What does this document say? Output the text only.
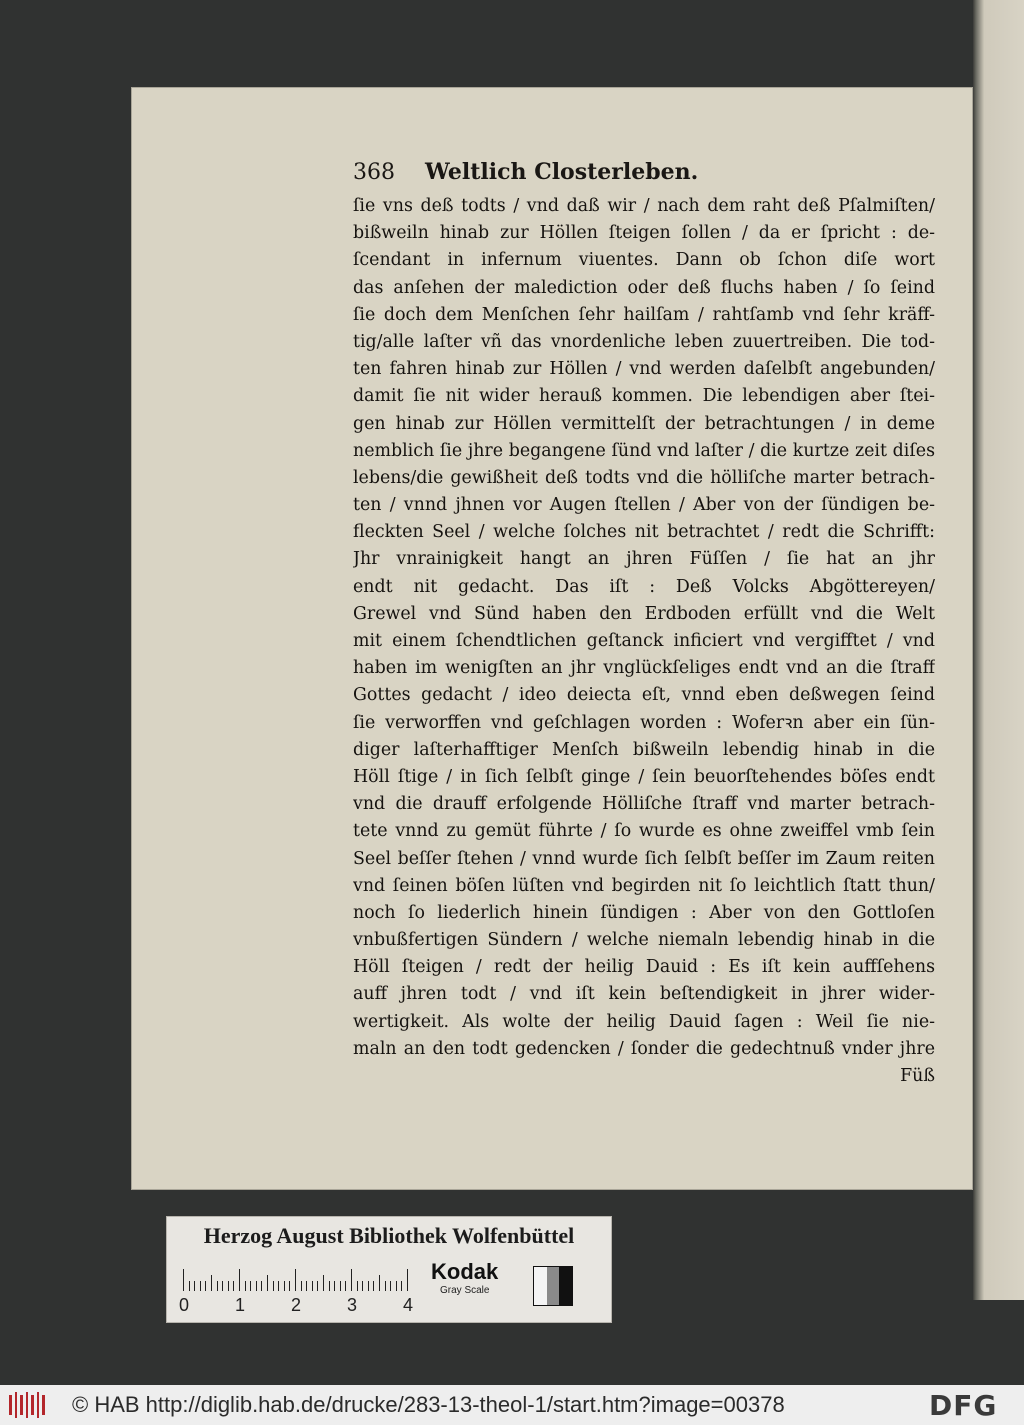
368 Weltlich Closterleben.
ſie vns deß todts / vnd daß wir / nach dem raht deß Pſalmiſten/
bißweiln hinab zur Höllen ſteigen ſollen / da er ſpricht : de-
ſcendant in infernum viuentes. Dann ob ſchon diſe wort
das anſehen der malediction oder deß fluchs haben / ſo ſeind
ſie doch dem Menſchen ſehr hailſam / rahtſamb vnd ſehr kräff-
tig/alle laſter vñ das vnordenliche leben zuuertreiben. Die tod-
ten fahren hinab zur Höllen / vnd werden daſelbſt angebunden/
damit ſie nit wider herauß kommen. Die lebendigen aber ſtei-
gen hinab zur Höllen vermittelſt der betrachtungen / in deme
nemblich ſie jhre begangene ſünd vnd laſter / die kurtze zeit diſes
lebens/die gewißheit deß todts vnd die hölliſche marter betrach-
ten / vnnd jhnen vor Augen ſtellen / Aber von der ſündigen be-
fleckten Seel / welche ſolches nit betrachtet / redt die Schrifft:
Jhr vnrainigkeit hangt an jhren Füſſen / ſie hat an jhr
endt nit gedacht. Das iſt : Deß Volcks Abgöttereyen/
Grewel vnd Sünd haben den Erdboden erfüllt vnd die Welt
mit einem ſchendtlichen geſtanck inficiert vnd vergifftet / vnd
haben im wenigſten an jhr vnglückſeliges endt vnd an die ſtraff
Gottes gedacht / ideo deiecta eſt, vnnd eben deßwegen ſeind
ſie verworffen vnd geſchlagen worden : Woferꝛn aber ein ſün-
diger laſterhafftiger Menſch bißweiln lebendig hinab in die
Höll ſtige / in ſich ſelbſt ginge / ſein beuorſtehendes böſes endt
vnd die drauff erfolgende Hölliſche ſtraff vnd marter betrach-
tete vnnd zu gemüt führte / ſo wurde es ohne zweiffel vmb ſein
Seel beſſer ſtehen / vnnd wurde ſich ſelbſt beſſer im Zaum reiten
vnd ſeinen böſen lüſten vnd begirden nit ſo leichtlich ſtatt thun/
noch ſo liederlich hinein ſündigen : Aber von den Gottloſen
vnbußfertigen Sündern / welche niemaln lebendig hinab in die
Höll ſteigen / redt der heilig Dauid : Es iſt kein auffſehens
auff jhren todt / vnd iſt kein beſtendigkeit in jhrer wider-
wertigkeit. Als wolte der heilig Dauid ſagen : Weil ſie nie-
maln an den todt gedencken / ſonder die gedechtnuß vnder jhre
Füß
Herzog August Bibliothek Wolfenbüttel
0	1	2	3	4
Kodak
Gray Scale
© HAB http://diglib.hab.de/drucke/283-13-theol-1/start.htm?image=00378	DFG
